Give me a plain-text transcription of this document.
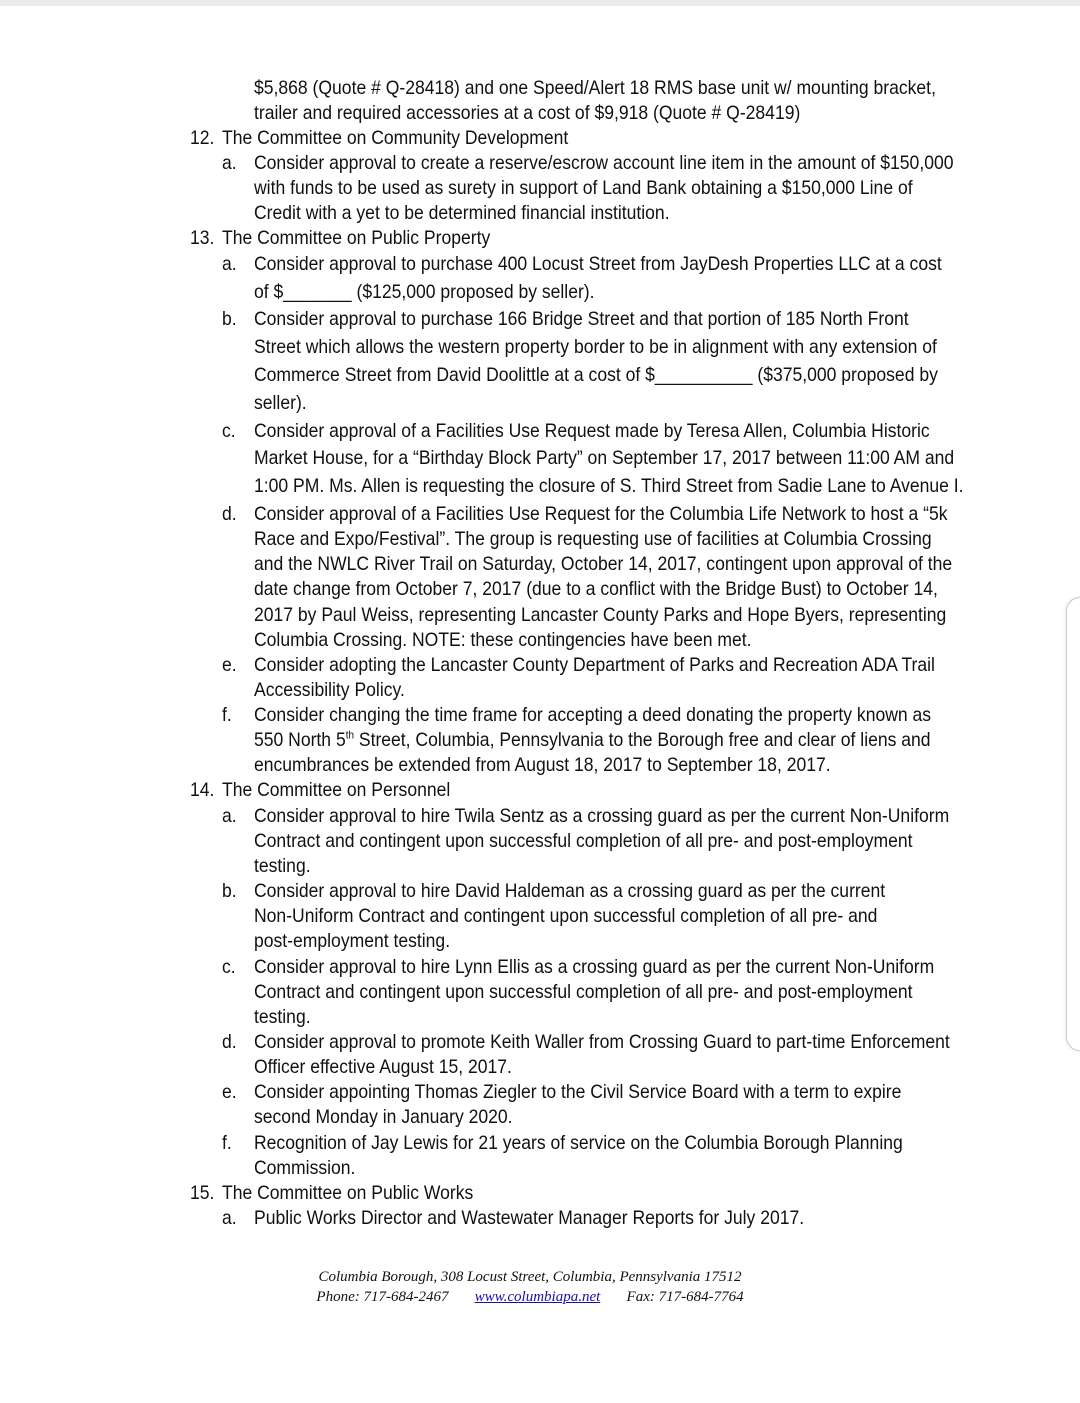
$5,868 (Quote # Q-28418) and one Speed/Alert 18 RMS base unit w/ mounting bracket,
trailer and required accessories at a cost of $9,918 (Quote # Q-28419)
12. The Committee on Community Development
a. Consider approval to create a reserve/escrow account line item in the amount of $150,000
with funds to be used as surety in support of Land Bank obtaining a $150,000 Line of
Credit with a yet to be determined financial institution.
13. The Committee on Public Property
a. Consider approval to purchase 400 Locust Street from JayDesh Properties LLC at a cost
of $_______ ($125,000 proposed by seller).
b. Consider approval to purchase 166 Bridge Street and that portion of 185 North Front
Street which allows the western property border to be in alignment with any extension of
Commerce Street from David Doolittle at a cost of $__________ ($375,000 proposed by
seller).
c. Consider approval of a Facilities Use Request made by Teresa Allen, Columbia Historic
Market House, for a “Birthday Block Party” on September 17, 2017 between 11:00 AM and
1:00 PM. Ms. Allen is requesting the closure of S. Third Street from Sadie Lane to Avenue I.
d. Consider approval of a Facilities Use Request for the Columbia Life Network to host a “5k
Race and Expo/Festival”. The group is requesting use of facilities at Columbia Crossing
and the NWLC River Trail on Saturday, October 14, 2017, contingent upon approval of the
date change from October 7, 2017 (due to a conflict with the Bridge Bust) to October 14,
2017 by Paul Weiss, representing Lancaster County Parks and Hope Byers, representing
Columbia Crossing. NOTE: these contingencies have been met.
e. Consider adopting the Lancaster County Department of Parks and Recreation ADA Trail
Accessibility Policy.
f. Consider changing the time frame for accepting a deed donating the property known as
550 North 5th Street, Columbia, Pennsylvania to the Borough free and clear of liens and
encumbrances be extended from August 18, 2017 to September 18, 2017.
14. The Committee on Personnel
a. Consider approval to hire Twila Sentz as a crossing guard as per the current Non-Uniform
Contract and contingent upon successful completion of all pre- and post-employment
testing.
b. Consider approval to hire David Haldeman as a crossing guard as per the current
Non-Uniform Contract and contingent upon successful completion of all pre- and
post-employment testing.
c. Consider approval to hire Lynn Ellis as a crossing guard as per the current Non-Uniform
Contract and contingent upon successful completion of all pre- and post-employment
testing.
d. Consider approval to promote Keith Waller from Crossing Guard to part-time Enforcement
Officer effective August 15, 2017.
e. Consider appointing Thomas Ziegler to the Civil Service Board with a term to expire
second Monday in January 2020.
f. Recognition of Jay Lewis for 21 years of service on the Columbia Borough Planning
Commission.
15. The Committee on Public Works
a. Public Works Director and Wastewater Manager Reports for July 2017.
Columbia Borough, 308 Locust Street, Columbia, Pennsylvania 17512
Phone: 717-684-2467 www.columbiapa.net Fax: 717-684-7764
